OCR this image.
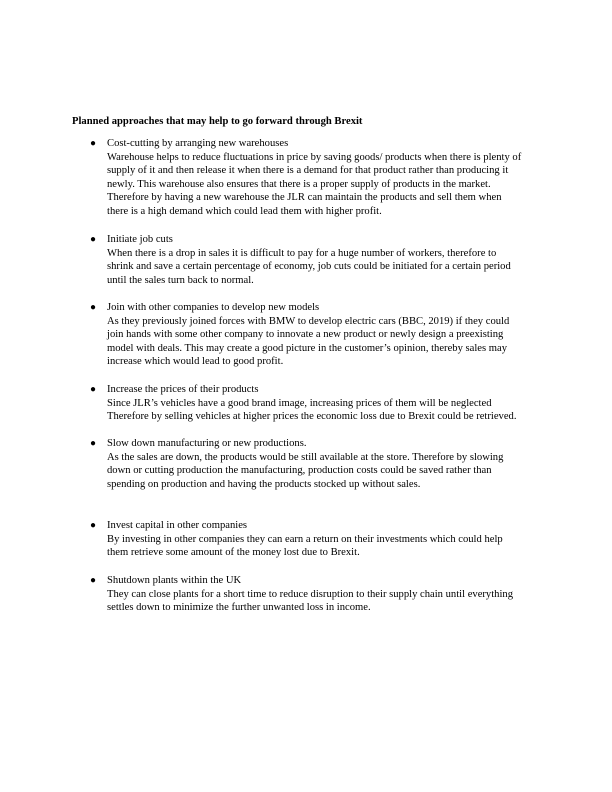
Planned approaches that may help to go forward through Brexit
● Cost-cutting by arranging new warehouses
Warehouse helps to reduce fluctuations in price by saving goods/ products when there is plenty of
supply of it and then release it when there is a demand for that product rather than producing it
newly. This warehouse also ensures that there is a proper supply of products in the market.
Therefore by having a new warehouse the JLR can maintain the products and sell them when
there is a high demand which could lead them with higher profit.
● Initiate job cuts
When there is a drop in sales it is difficult to pay for a huge number of workers, therefore to
shrink and save a certain percentage of economy, job cuts could be initiated for a certain period
until the sales turn back to normal.
● Join with other companies to develop new models
As they previously joined forces with BMW to develop electric cars (BBC, 2019) if they could
join hands with some other company to innovate a new product or newly design a preexisting
model with deals. This may create a good picture in the customer’s opinion, thereby sales may
increase which would lead to good profit.
● Increase the prices of their products
Since JLR’s vehicles have a good brand image, increasing prices of them will be neglected
Therefore by selling vehicles at higher prices the economic loss due to Brexit could be retrieved.
● Slow down manufacturing or new productions.
As the sales are down, the products would be still available at the store. Therefore by slowing
down or cutting production the manufacturing, production costs could be saved rather than
spending on production and having the products stocked up without sales.
● Invest capital in other companies
By investing in other companies they can earn a return on their investments which could help
them retrieve some amount of the money lost due to Brexit.
● Shutdown plants within the UK
They can close plants for a short time to reduce disruption to their supply chain until everything
settles down to minimize the further unwanted loss in income.
